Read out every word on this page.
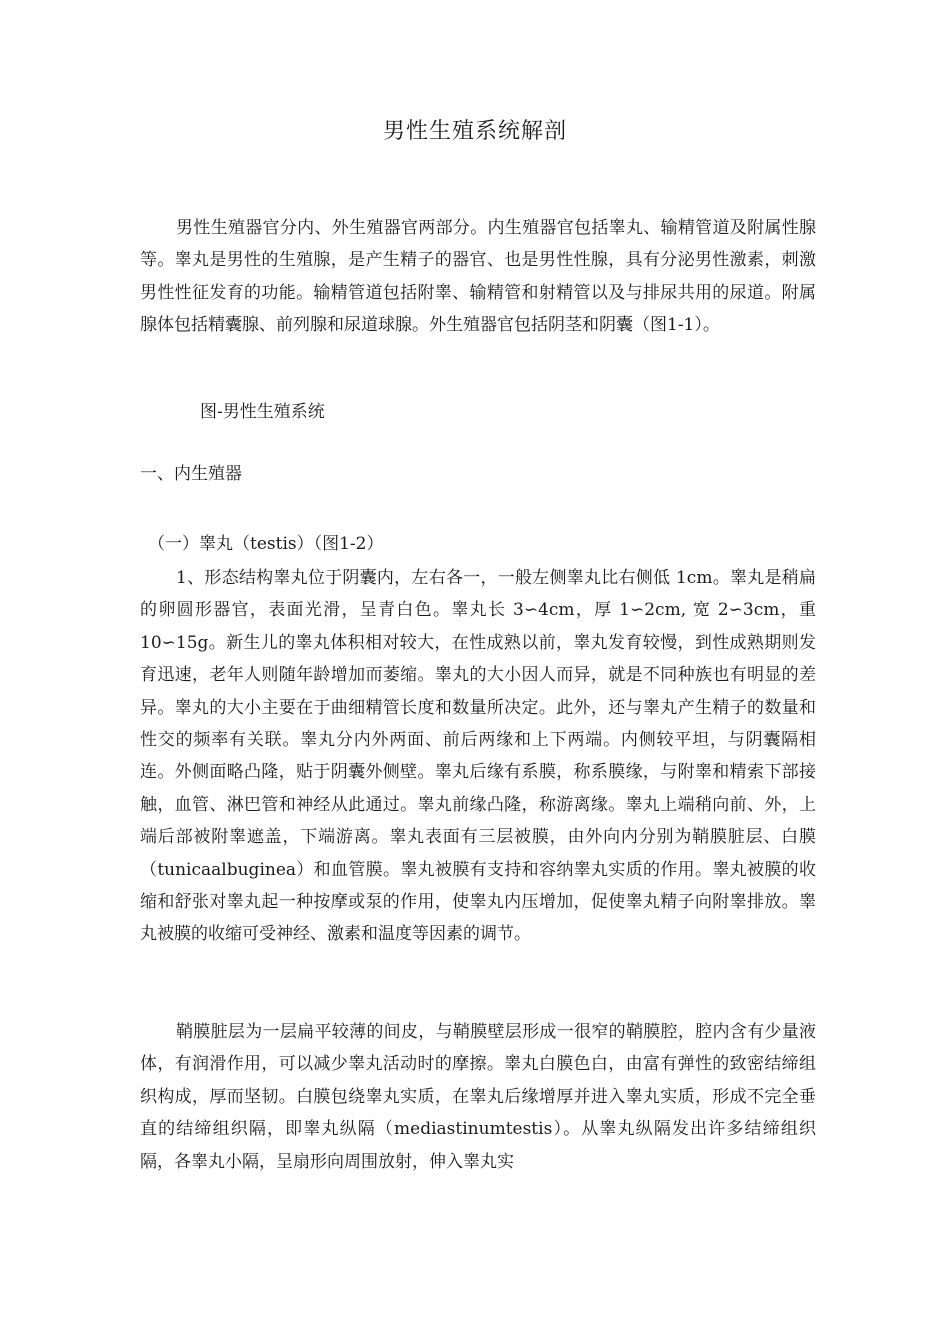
男性生殖系统解剖
男性生殖器官分内、外生殖器官两部分。内生殖器官包括睾丸、输精管道及附属性腺等。睾丸是男性的生殖腺，是产生精子的器官、也是男性性腺，具有分泌男性激素，刺激男性性征发育的功能。输精管道包括附睾、输精管和射精管以及与排尿共用的尿道。附属腺体包括精囊腺、前列腺和尿道球腺。外生殖器官包括阴茎和阴囊（图1-1）。
图-男性生殖系统
一、内生殖器
（一）睾丸（testis）（图1-2）
1、形态结构睾丸位于阴囊内，左右各一，一般左侧睾丸比右侧低 1cm。睾丸是稍扁的卵圆形器官，表面光滑，呈青白色。睾丸长 3∽4cm，厚 1∽2cm, 宽 2∽3cm，重 10∽15g。新生儿的睾丸体积相对较大，在性成熟以前，睾丸发育较慢，到性成熟期则发育迅速，老年人则随年龄增加而萎缩。睾丸的大小因人而异，就是不同种族也有明显的差异。睾丸的大小主要在于曲细精管长度和数量所决定。此外，还与睾丸产生精子的数量和性交的频率有关联。睾丸分内外两面、前后两缘和上下两端。内侧较平坦，与阴囊隔相连。外侧面略凸隆，贴于阴囊外侧壁。睾丸后缘有系膜，称系膜缘，与附睾和精索下部接触，血管、淋巴管和神经从此通过。睾丸前缘凸隆，称游离缘。睾丸上端稍向前、外，上端后部被附睾遮盖，下端游离。睾丸表面有三层被膜，由外向内分别为鞘膜脏层、白膜（tunicaalbuginea）和血管膜。睾丸被膜有支持和容纳睾丸实质的作用。睾丸被膜的收缩和舒张对睾丸起一种按摩或泵的作用，使睾丸内压增加，促使睾丸精子向附睾排放。睾丸被膜的收缩可受神经、激素和温度等因素的调节。
鞘膜脏层为一层扁平较薄的间皮，与鞘膜壁层形成一很窄的鞘膜腔，腔内含有少量液体，有润滑作用，可以减少睾丸活动时的摩擦。睾丸白膜色白，由富有弹性的致密结缔组织构成，厚而坚韧。白膜包绕睾丸实质，在睾丸后缘增厚并进入睾丸实质，形成不完全垂直的结缔组织隔，即睾丸纵隔（mediastinumtestis）。从睾丸纵隔发出许多结缔组织隔，各睾丸小隔，呈扇形向周围放射，伸入睾丸实
